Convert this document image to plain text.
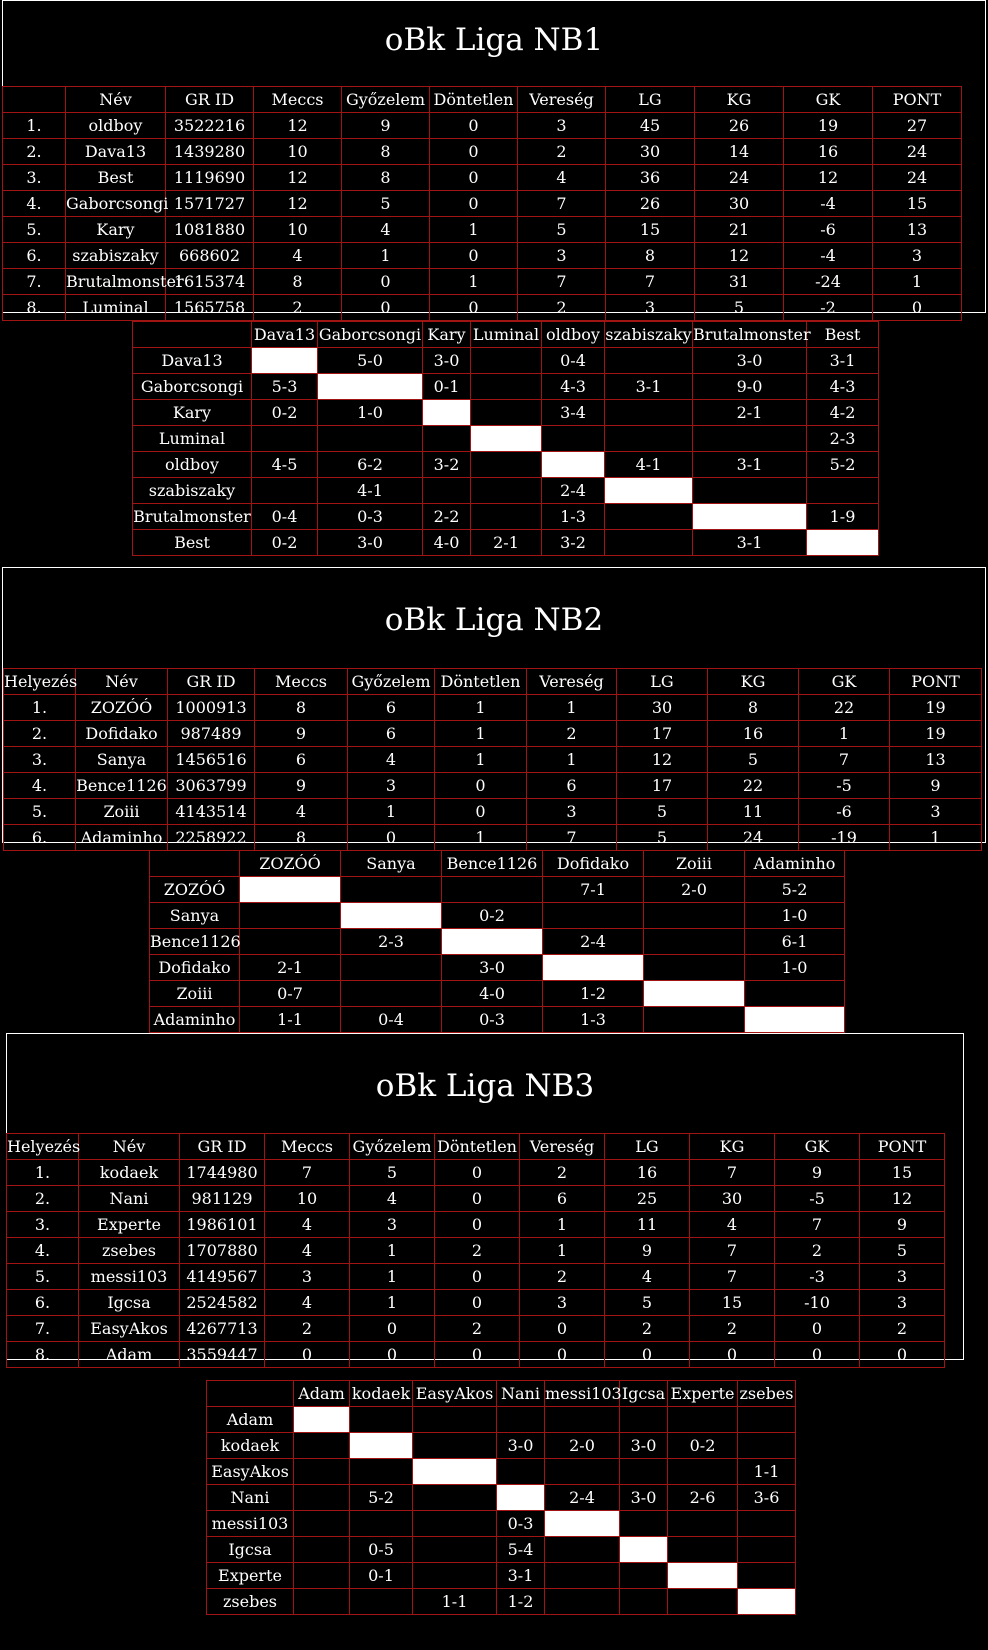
oBk Liga NB1
	Név	GR ID	Meccs	Győzelem	Döntetlen	Vereség	LG	KG	GK	PONT
1.	oldboy	3522216	12	9	0	3	45	26	19	27
2.	Dava13	1439280	10	8	0	2	30	14	16	24
3.	Best	1119690	12	8	0	4	36	24	12	24
4.	Gaborcsongi	1571727	12	5	0	7	26	30	-4	15
5.	Kary	1081880	10	4	1	5	15	21	-6	13
6.	szabiszaky	668602	4	1	0	3	8	12	-4	3
7.	Brutalmonster	1615374	8	0	1	7	7	31	-24	1
8.	Luminal	1565758	2	0	0	2	3	5	-2	0
	Dava13	Gaborcsongi	Kary	Luminal	oldboy	szabiszaky	Brutalmonster	Best
Dava13		5-0	3-0		0-4		3-0	3-1
Gaborcsongi	5-3		0-1		4-3	3-1	9-0	4-3
Kary	0-2	1-0			3-4		2-1	4-2
Luminal								2-3
oldboy	4-5	6-2	3-2			4-1	3-1	5-2
szabiszaky		4-1			2-4			
Brutalmonster	0-4	0-3	2-2		1-3			1-9
Best	0-2	3-0	4-0	2-1	3-2		3-1	
oBk Liga NB2
Helyezés	Név	GR ID	Meccs	Győzelem	Döntetlen	Vereség	LG	KG	GK	PONT
1.	ZOZÓÓ	1000913	8	6	1	1	30	8	22	19
2.	Dofidako	987489	9	6	1	2	17	16	1	19
3.	Sanya	1456516	6	4	1	1	12	5	7	13
4.	Bence1126	3063799	9	3	0	6	17	22	-5	9
5.	Zoiii	4143514	4	1	0	3	5	11	-6	3
6.	Adaminho	2258922	8	0	1	7	5	24	-19	1
	ZOZÓÓ	Sanya	Bence1126	Dofidako	Zoiii	Adaminho
ZOZÓÓ				7-1	2-0	5-2
Sanya			0-2			1-0
Bence1126		2-3		2-4		6-1
Dofidako	2-1		3-0			1-0
Zoiii	0-7		4-0	1-2		
Adaminho	1-1	0-4	0-3	1-3		
oBk Liga NB3
Helyezés	Név	GR ID	Meccs	Győzelem	Döntetlen	Vereség	LG	KG	GK	PONT
1.	kodaek	1744980	7	5	0	2	16	7	9	15
2.	Nani	981129	10	4	0	6	25	30	-5	12
3.	Experte	1986101	4	3	0	1	11	4	7	9
4.	zsebes	1707880	4	1	2	1	9	7	2	5
5.	messi103	4149567	3	1	0	2	4	7	-3	3
6.	Igcsa	2524582	4	1	0	3	5	15	-10	3
7.	EasyAkos	4267713	2	0	2	0	2	2	0	2
8.	Adam	3559447	0	0	0	0	0	0	0	0
	Adam	kodaek	EasyAkos	Nani	messi103	Igcsa	Experte	zsebes
Adam								
kodaek				3-0	2-0	3-0	0-2	
EasyAkos								1-1
Nani		5-2			2-4	3-0	2-6	3-6
messi103				0-3				
Igcsa		0-5		5-4				
Experte		0-1		3-1				
zsebes			1-1	1-2				
